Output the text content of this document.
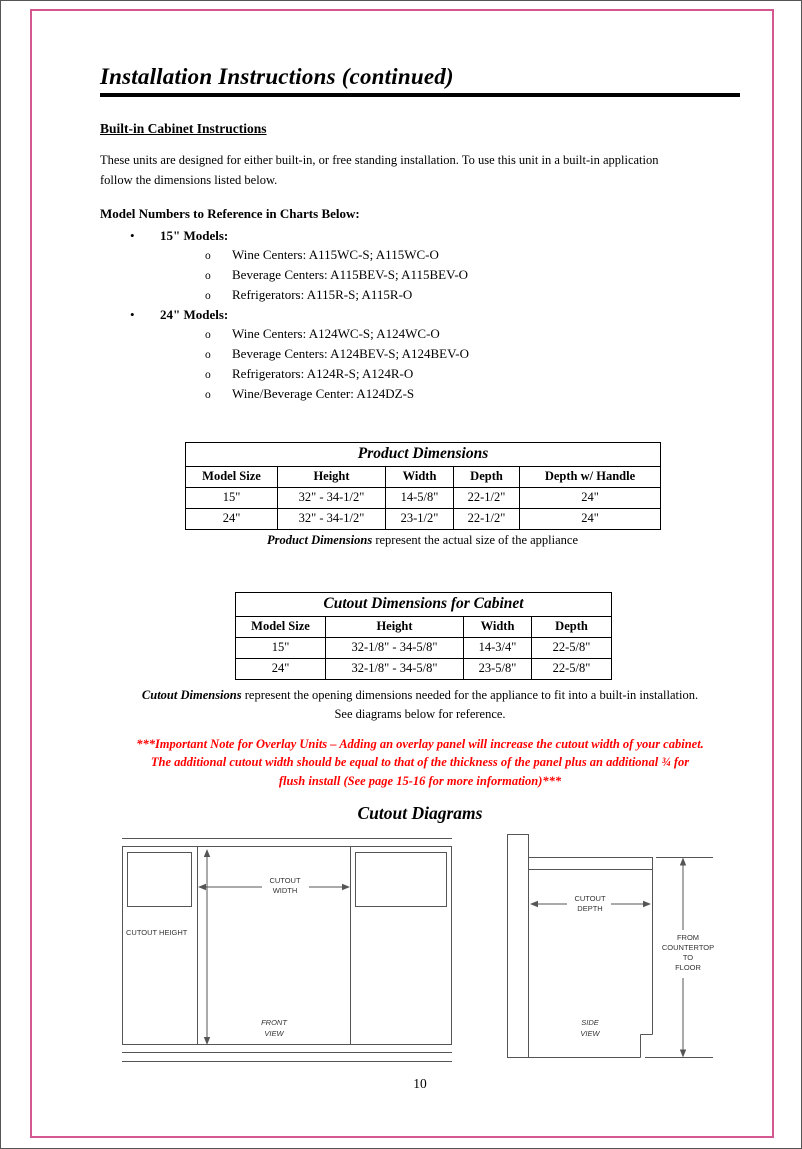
Installation Instructions (continued)
Built-in Cabinet Instructions
These units are designed for either built-in, or free standing installation. To use this unit in a built-in application
follow the dimensions listed below.
Model Numbers to Reference in Charts Below:
• 15" Models:
o Wine Centers: A115WC-S; A115WC-O
o Beverage Centers: A115BEV-S; A115BEV-O
o Refrigerators: A115R-S; A115R-O
• 24" Models:
o Wine Centers: A124WC-S; A124WC-O
o Beverage Centers: A124BEV-S; A124BEV-O
o Refrigerators: A124R-S; A124R-O
o Wine/Beverage Center: A124DZ-S
Product Dimensions				
Model Size	Height	Width	Depth	Depth w/ Handle
15"	32" - 34-1/2"	14-5/8"	22-1/2"	24"
24"	32" - 34-1/2"	23-1/2"	22-1/2"	24"
Product Dimensions represent the actual size of the appliance
Cutout Dimensions for Cabinet			
Model Size	Height	Width	Depth
15"	32-1/8" - 34-5/8"	14-3/4"	22-5/8"
24"	32-1/8" - 34-5/8"	23-5/8"	22-5/8"
Cutout Dimensions represent the opening dimensions needed for the appliance to fit into a built-in installation.
See diagrams below for reference.
***Important Note for Overlay Units – Adding an overlay panel will increase the cutout width of your cabinet.
The additional cutout width should be equal to that of the thickness of the panel plus an additional ¾ for
flush install (See page 15-16 for more information)***
Cutout Diagrams
CUTOUT
WIDTH
CUTOUT HEIGHT
FRONT
VIEW
CUTOUT
DEPTH
FROM
COUNTERTOP
TO
FLOOR
SIDE
VIEW
10
